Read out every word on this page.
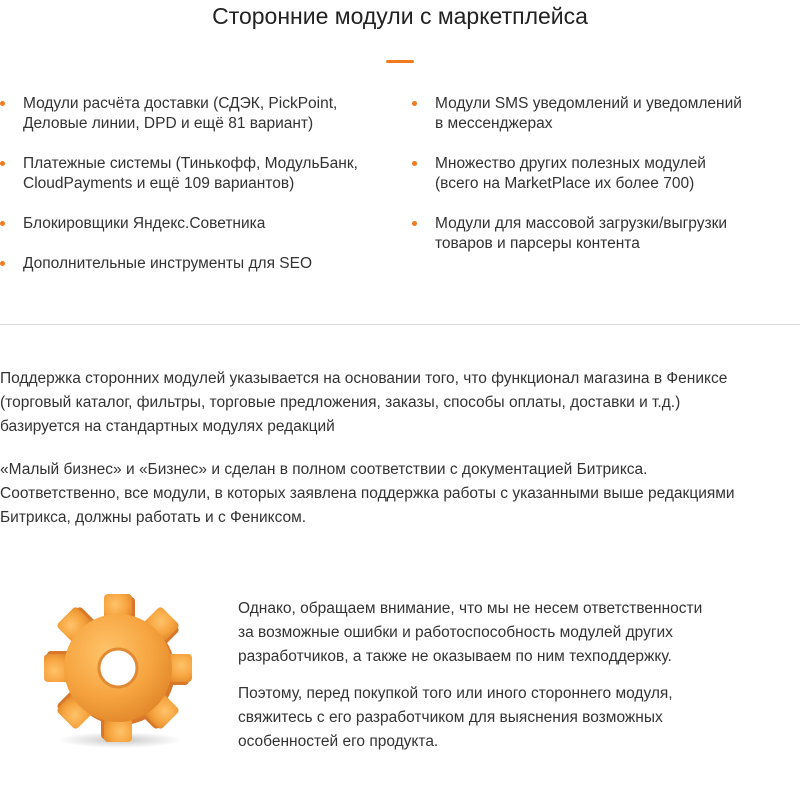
Сторонние модули с маркетплейса
Модули расчёта доставки (СДЭК, PickPoint,
Деловые линии, DPD и ещё 81 вариант)
Платежные системы (Тинькофф, МодульБанк,
CloudPayments и ещё 109 вариантов)
Блокировщики Яндекс.Советника
Дополнительные инструменты для SEO
Модули SMS уведомлений и уведомлений
в мессенджерах
Множество других полезных модулей
(всего на MarketPlace их более 700)
Модули для массовой загрузки/выгрузки
товаров и парсеры контента

Поддержка сторонних модулей указывается на основании того, что функционал магазина в Фениксе
(торговый каталог, фильтры, торговые предложения, заказы, способы оплаты, доставки и т.д.)
базируется на стандартных модулях редакций

«Малый бизнес» и «Бизнес» и сделан в полном соответствии с документацией Битрикса.
Соответственно, все модули, в которых заявлена поддержка работы с указанными выше редакциями
Битрикса, должны работать и с Фениксом.

Однако, обращаем внимание, что мы не несем ответственности
за возможные ошибки и работоспособность модулей других
разработчиков, а также не оказываем по ним техподдержку.

Поэтому, перед покупкой того или иного стороннего модуля,
свяжитесь с его разработчиком для выяснения возможных
особенностей его продукта.
